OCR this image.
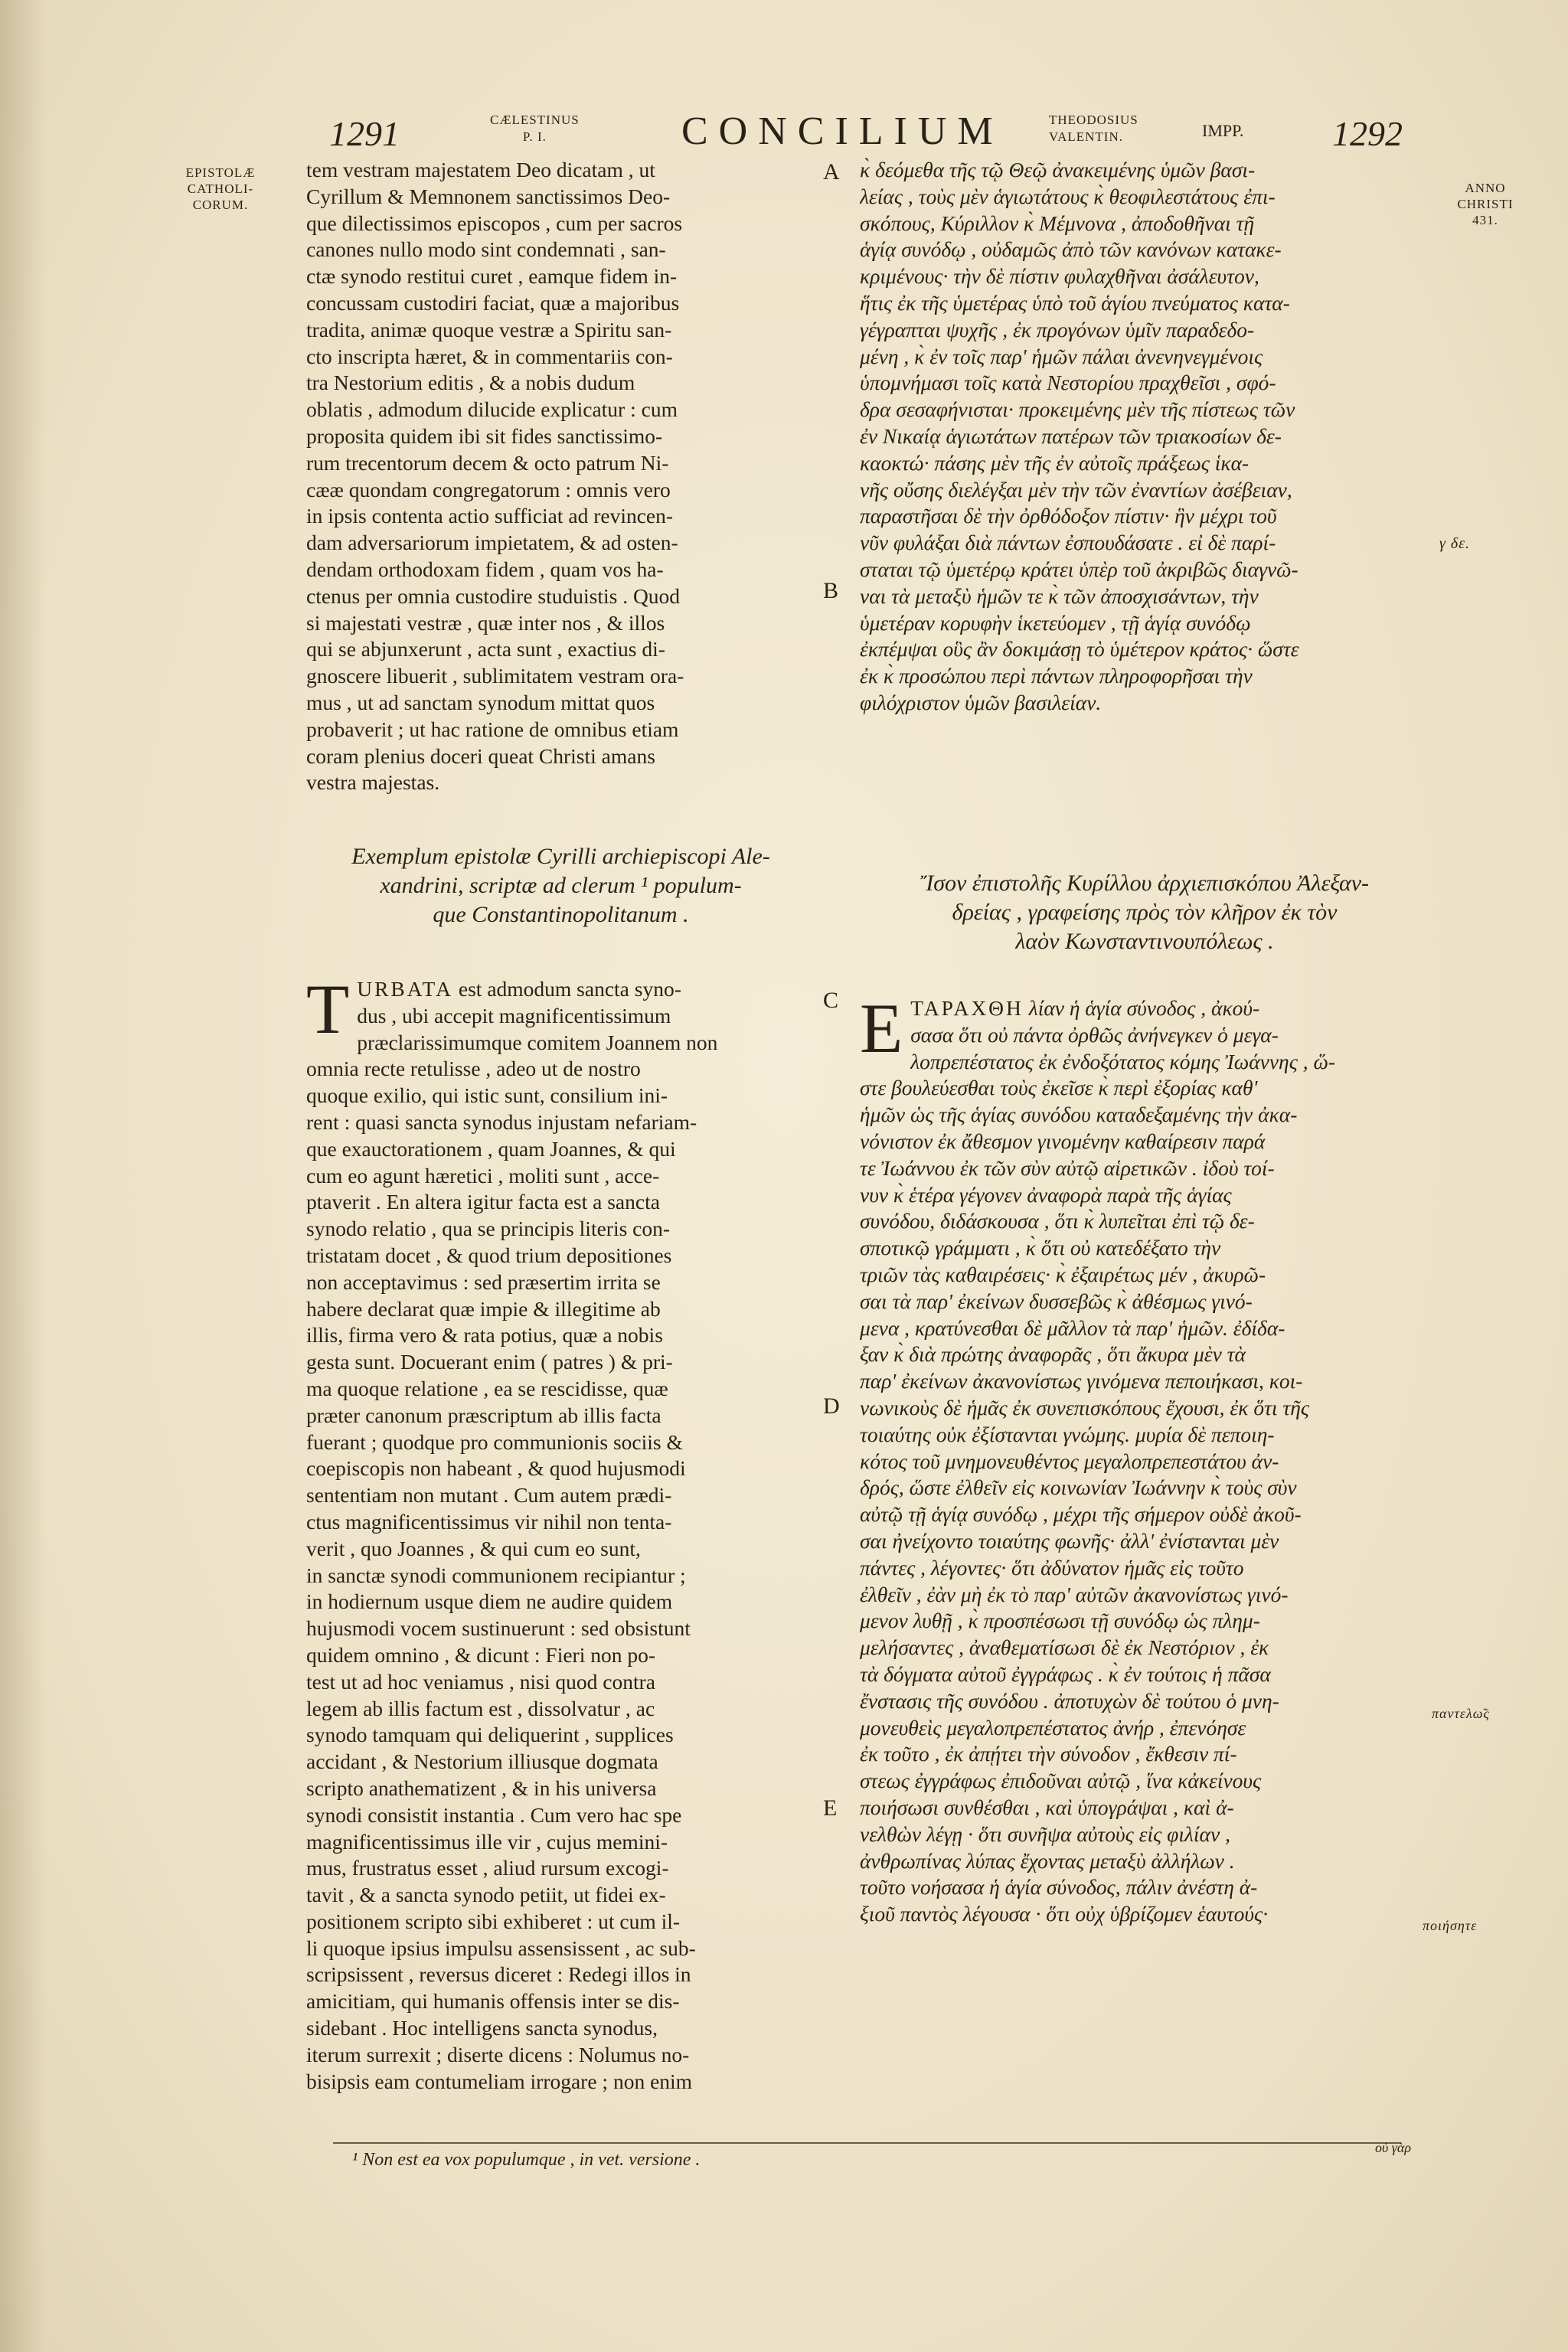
1291	CÆLESTINUS
P. I.	CONCILIUM	THEODOSIUS
VALENTIN.	IMPP.	1292
EPISTOLÆ
CATHOLI-
CORUM.
ANNO
CHRISTI
431.
A
B
C
D
E
γ δε.
παντελω̃ς
ποιήσητε
tem vestram majestatem Deo dicatam , ut
Cyrillum & Memnonem sanctissimos Deo-
que dilectissimos episcopos , cum per sacros
canones nullo modo sint condemnati , san-
ctæ synodo restitui curet , eamque fidem in-
concussam custodiri faciat, quæ a majoribus
tradita, animæ quoque vestræ a Spiritu san-
cto inscripta hæret, & in commentariis con-
tra Nestorium editis , & a nobis dudum
oblatis , admodum dilucide explicatur : cum
proposita quidem ibi sit fides sanctissimo-
rum trecentorum decem & octo patrum Ni-
cææ quondam congregatorum : omnis vero
in ipsis contenta actio sufficiat ad revincen-
dam adversariorum impietatem, & ad osten-
dendam orthodoxam fidem , quam vos ha-
ctenus per omnia custodire studuistis . Quod
si majestati vestræ , quæ inter nos , & illos
qui se abjunxerunt , acta sunt , exactius di-
gnoscere libuerit , sublimitatem vestram ora-
mus , ut ad sanctam synodum mittat quos
probaverit ; ut hac ratione de omnibus etiam
coram plenius doceri queat Christi amans
vestra majestas.
κ̀ δεόμεθα τῆς τῷ Θεῷ ἀνακειμένης ὑμῶν βασι-
λείας , τοὺς μὲν ἁγιωτάτους κ̀ θεοφιλεστάτους ἐπι-
σκόπους, Κύριλλον κ̀ Μέμνονα , ἀποδοθῆναι τῇ
ἁγίᾳ συνόδῳ , οὐδαμῶς ἀπὸ τῶν κανόνων κατακε-
κριμένους· τὴν δὲ πίστιν φυλαχθῆναι ἀσάλευτον,
ἥτις ἐκ τῆς ὑμετέρας ὑπὸ τοῦ ἁγίου πνεύματος κατα-
γέγραπται ψυχῆς , ἐκ προγόνων ὑμῖν παραδεδο-
μένη , κ̀ ἐν τοῖς παρ' ἡμῶν πάλαι ἀνενηνεγμένοις
ὑπομνήμασι τοῖς κατὰ Νεστορίου πραχθεῖσι , σφό-
δρα σεσαφήνισται· προκειμένης μὲν τῆς πίστεως τῶν
ἐν Νικαίᾳ ἁγιωτάτων πατέρων τῶν τριακοσίων δε-
καοκτώ· πάσης μὲν τῆς ἐν αὐτοῖς πράξεως ἱκα-
νῆς οὔσης διελέγξαι μὲν τὴν τῶν ἐναντίων ἀσέβειαν,
παραστῆσαι δὲ τὴν ὀρθόδοξον πίστιν· ἣν μέχρι τοῦ
νῦν φυλάξαι διὰ πάντων ἐσπουδάσατε . εἰ δὲ παρί-
σταται τῷ ὑμετέρῳ κράτει ὑπὲρ τοῦ ἀκριβῶς διαγνῶ-
ναι τὰ μεταξὺ ἡμῶν τε κ̀ τῶν ἀποσχισάντων, τὴν
ὑμετέραν κορυφὴν ἱκετεύομεν , τῇ ἁγίᾳ συνόδῳ
ἐκπέμψαι οὓς ἂν δοκιμάσῃ τὸ ὑμέτερον κράτος· ὥστε
ἐκ κ̀ προσώπου περὶ πάντων πληροφορῆσαι τὴν
φιλόχριστον ὑμῶν βασιλείαν.
Exemplum epistolæ Cyrilli archiepiscopi Ale-
xandrini, scriptæ ad clerum ¹ populum-
que Constantinopolitanum .
Ἴσον ἐπιστολῆς Κυρίλλου ἀρχιεπισκόπου Ἀλεξαν-
δρείας , γραφείσης πρὸς τὸν κλῆρον ἐκ τὸν
λαὸν Κωνσταντινουπόλεως .
T URBATA est admodum sancta syno-
dus , ubi accepit magnificentissimum
præclarissimumque comitem Joannem non
omnia recte retulisse , adeo ut de nostro
quoque exilio, qui istic sunt, consilium ini-
rent : quasi sancta synodus injustam nefariam-
que exauctorationem , quam Joannes, & qui
cum eo agunt hæretici , moliti sunt , acce-
ptaverit . En altera igitur facta est a sancta
synodo relatio , qua se principis literis con-
tristatam docet , & quod trium depositiones
non acceptavimus : sed præsertim irrita se
habere declarat quæ impie & illegitime ab
illis, firma vero & rata potius, quæ a nobis
gesta sunt. Docuerant enim ( patres ) & pri-
ma quoque relatione , ea se rescidisse, quæ
præter canonum præscriptum ab illis facta
fuerant ; quodque pro communionis sociis &
coepiscopis non habeant , & quod hujusmodi
sententiam non mutant . Cum autem prædi-
ctus magnificentissimus vir nihil non tenta-
verit , quo Joannes , & qui cum eo sunt,
in sanctæ synodi communionem recipiantur ;
in hodiernum usque diem ne audire quidem
hujusmodi vocem sustinuerunt : sed obsistunt
quidem omnino , & dicunt : Fieri non po-
test ut ad hoc veniamus , nisi quod contra
legem ab illis factum est , dissolvatur , ac
synodo tamquam qui deliquerint , supplices
accidant , & Nestorium illiusque dogmata
scripto anathematizent , & in his universa
synodi consistit instantia . Cum vero hac spe
magnificentissimus ille vir , cujus memini-
mus, frustratus esset , aliud rursum excogi-
tavit , & a sancta synodo petiit, ut fidei ex-
positionem scripto sibi exhiberet : ut cum il-
li quoque ipsius impulsu assensissent , ac sub-
scripsissent , reversus diceret : Redegi illos in
amicitiam, qui humanis offensis inter se dis-
sidebant . Hoc intelligens sancta synodus,
iterum surrexit ; diserte dicens : Nolumus no-
bisipsis eam contumeliam irrogare ; non enim
Ε ΤΑΡΑΧΘΗ λίαν ἡ ἁγία σύνοδος , ἀκού-
σασα ὅτι οὐ πάντα ὀρθῶς ἀνήνεγκεν ὁ μεγα-
λοπρεπέστατος ἐκ ἐνδοξότατος κόμης Ἰωάννης , ὥ-
στε βουλεύεσθαι τοὺς ἐκεῖσε κ̀ περὶ ἐξορίας καθ'
ἡμῶν ὡς τῆς ἁγίας συνόδου καταδεξαμένης τὴν ἀκα-
νόνιστον ἐκ ἄθεσμον γινομένην καθαίρεσιν παρά
τε Ἰωάννου ἐκ τῶν σὺν αὐτῷ αἱρετικῶν . ἰδοὺ τοί-
νυν κ̀ ἑτέρα γέγονεν ἀναφορὰ παρὰ τῆς ἁγίας
συνόδου, διδάσκουσα , ὅτι κ̀ λυπεῖται ἐπὶ τῷ δε-
σποτικῷ γράμματι , κ̀ ὅτι οὐ κατεδέξατο τὴν
τριῶν τὰς καθαιρέσεις· κ̀ ἐξαιρέτως μέν , ἀκυρῶ-
σαι τὰ παρ' ἐκείνων δυσσεβῶς κ̀ ἀθέσμως γινό-
μενα , κρατύνεσθαι δὲ μᾶλλον τὰ παρ' ἡμῶν. ἐδίδα-
ξαν κ̀ διὰ πρώτης ἀναφορᾶς , ὅτι ἄκυρα μὲν τὰ
παρ' ἐκείνων ἀκανονίστως γινόμενα πεποιήκασι, κοι-
νωνικοὺς δὲ ἡμᾶς ἐκ συνεπισκόπους ἔχουσι, ἐκ ὅτι τῆς
τοιαύτης οὐκ ἐξίστανται γνώμης. μυρία δὲ πεποιη-
κότος τοῦ μνημονευθέντος μεγαλοπρεπεστάτου ἀν-
δρός, ὥστε ἐλθεῖν εἰς κοινωνίαν Ἰωάννην κ̀ τοὺς σὺν
αὐτῷ τῇ ἁγίᾳ συνόδῳ , μέχρι τῆς σήμερον οὐδὲ ἀκοῦ-
σαι ἠνείχοντο τοιαύτης φωνῆς· ἀλλ' ἐνίστανται μὲν
πάντες , λέγοντες· ὅτι ἀδύνατον ἡμᾶς εἰς τοῦτο
ἐλθεῖν , ἐὰν μὴ ἐκ τὸ παρ' αὐτῶν ἀκανονίστως γινό-
μενον λυθῇ , κ̀ προσπέσωσι τῇ συνόδῳ ὡς πλημ-
μελήσαντες , ἀναθεματίσωσι δὲ ἐκ Νεστόριον , ἐκ
τὰ δόγματα αὐτοῦ ἐγγράφως . κ̀ ἐν τούτοις ἡ πᾶσα
ἔνστασις τῆς συνόδου . ἀποτυχὼν δὲ τούτου ὁ μνη-
μονευθεὶς μεγαλοπρεπέστατος ἀνήρ , ἐπενόησε
ἐκ τοῦτο , ἐκ ἀπῄτει τὴν σύνοδον , ἔκθεσιν πί-
στεως ἐγγράφως ἐπιδοῦναι αὐτῷ , ἵνα κἀκείνους
ποιήσωσι συνθέσθαι , καὶ ὑπογράψαι , καὶ ἀ-
νελθὼν λέγῃ · ὅτι συνῆψα αὐτοὺς εἰς φιλίαν ,
ἀνθρωπίνας λύπας ἔχοντας μεταξὺ ἀλλήλων .
τοῦτο νοήσασα ἡ ἁγία σύνοδος, πάλιν ἀνέστη ἀ-
ξιοῦ παντὸς λέγουσα · ὅτι οὐχ ὑβρίζομεν ἑαυτούς·
¹ Non est ea vox populumque , in vet. versione .
οὐ γὰρ
